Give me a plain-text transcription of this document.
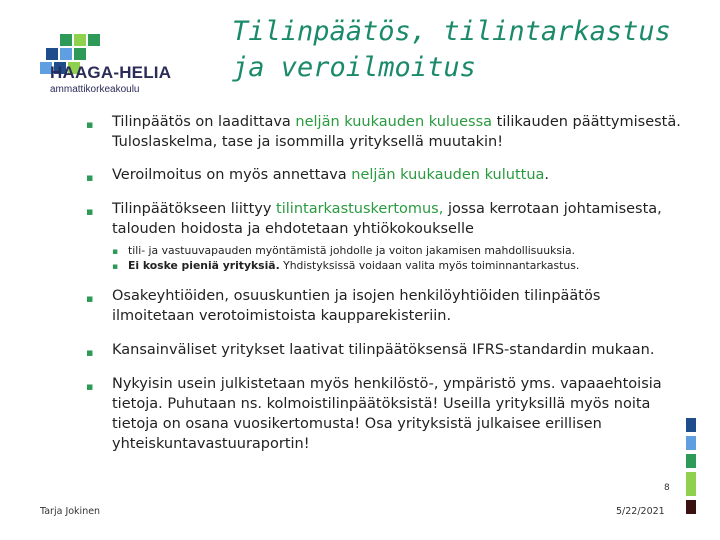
HAAGA-HELIA
ammattikorkeakoulu
Tilinpäätös, tilintarkastus ja veroilmoitus
▪ Tilinpäätös on laadittava neljän kuukauden kuluessa tilikauden päättymisestä. Tuloslaskelma, tase ja isommilla yrityksellä muutakin!
▪ Veroilmoitus on myös annettava neljän kuukauden kuluttua.
▪ Tilinpäätökseen liittyy tilintarkastuskertomus, jossa kerrotaan johtamisesta, talouden hoidosta ja ehdotetaan yhtiökokoukselle
▪ tili- ja vastuuvapauden myöntämistä johdolle ja voiton jakamisen mahdollisuuksia.
▪ Ei koske pieniä yrityksiä. Yhdistyksissä voidaan valita myös toiminnantarkastus.
▪ Osakeyhtiöiden, osuuskuntien ja isojen henkilöyhtiöiden tilinpäätös ilmoitetaan verotoimistoista kaupparekisteriin.
▪ Kansainväliset yritykset laativat tilinpäätöksensä IFRS-standardin mukaan.
▪ Nykyisin usein julkistetaan myös henkilöstö-, ympäristö yms. vapaaehtoisia tietoja. Puhutaan ns. kolmoistilinpäätöksistä! Useilla yrityksillä myös noita tietoja on osana vuosikertomusta! Osa yrityksistä julkaisee erillisen yhteiskuntavastuuraportin!
8
Tarja Jokinen	5/22/2021
